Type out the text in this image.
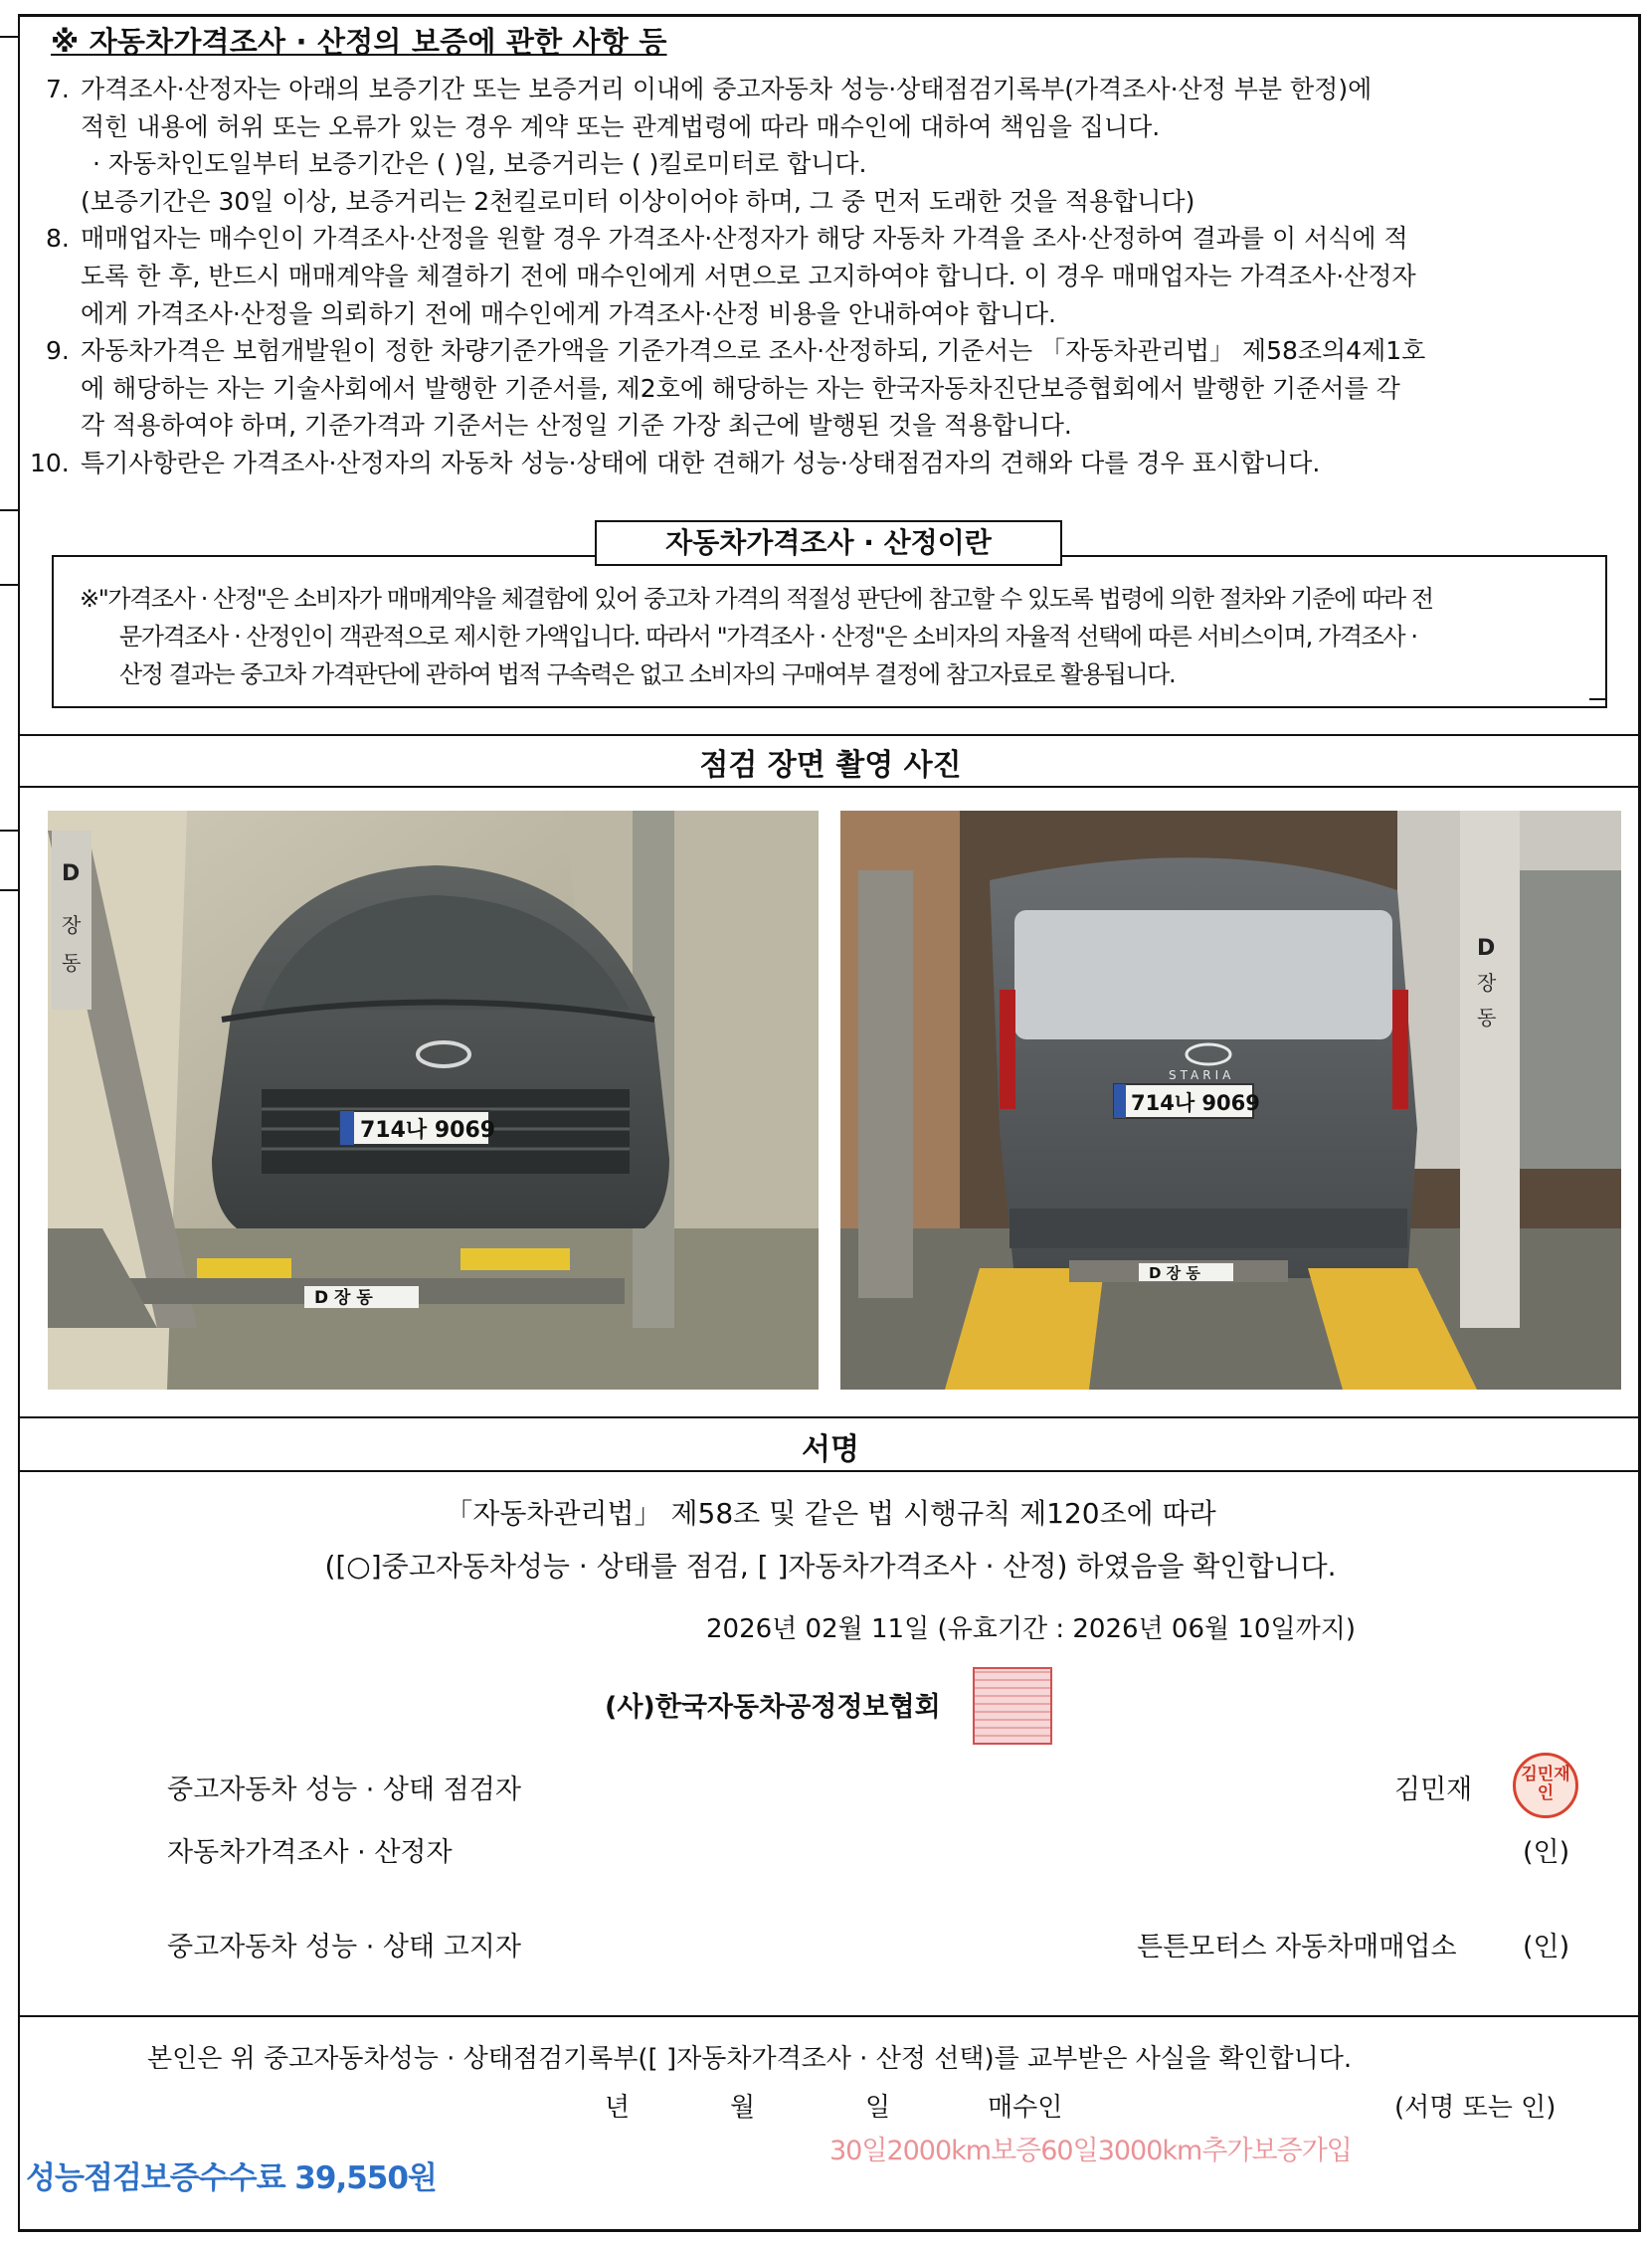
※ 자동차가격조사 · 산정의 보증에 관한 사항 등
7. 가격조사·산정자는 아래의 보증기간 또는 보증거리 이내에 중고자동차 성능·상태점검기록부(가격조사·산정 부분 한정)에
적힌 내용에 허위 또는 오류가 있는 경우 계약 또는 관계법령에 따라 매수인에 대하여 책임을 집니다.
· 자동차인도일부터 보증기간은 ( )일, 보증거리는 ( )킬로미터로 합니다.
(보증기간은 30일 이상, 보증거리는 2천킬로미터 이상이어야 하며, 그 중 먼저 도래한 것을 적용합니다)
8. 매매업자는 매수인이 가격조사·산정을 원할 경우 가격조사·산정자가 해당 자동차 가격을 조사·산정하여 결과를 이 서식에 적
도록 한 후, 반드시 매매계약을 체결하기 전에 매수인에게 서면으로 고지하여야 합니다. 이 경우 매매업자는 가격조사·산정자
에게 가격조사·산정을 의뢰하기 전에 매수인에게 가격조사·산정 비용을 안내하여야 합니다.
9. 자동차가격은 보험개발원이 정한 차량기준가액을 기준가격으로 조사·산정하되, 기준서는 「자동차관리법」 제58조의4제1호
에 해당하는 자는 기술사회에서 발행한 기준서를, 제2호에 해당하는 자는 한국자동차진단보증협회에서 발행한 기준서를 각
각 적용하여야 하며, 기준가격과 기준서는 산정일 기준 가장 최근에 발행된 것을 적용합니다.
10. 특기사항란은 가격조사·산정자의 자동차 성능·상태에 대한 견해가 성능·상태점검자의 견해와 다를 경우 표시합니다.
자동차가격조사 · 산정이란
※"가격조사 · 산정"은 소비자가 매매계약을 체결함에 있어 중고차 가격의 적절성 판단에 참고할 수 있도록 법령에 의한 절차와 기준에 따라 전
문가격조사 · 산정인이 객관적으로 제시한 가액입니다. 따라서 "가격조사 · 산정"은 소비자의 자율적 선택에 따른 서비스이며, 가격조사 ·
산정 결과는 중고차 가격판단에 관하여 법적 구속력은 없고 소비자의 구매여부 결정에 참고자료로 활용됩니다.
점검 장면 촬영 사진
D
장
동
714나 9069
D 장 동
D
장
동
STARIA
714나 9069
D 장 동
서명
「자동차관리법」 제58조 및 같은 법 시행규칙 제120조에 따라
([○]중고자동차성능 · 상태를 점검, [ ]자동차가격조사 · 산정) 하였음을 확인합니다.
2026년 02월 11일 (유효기간 : 2026년 06월 10일까지)
(사)한국자동차공정정보협회
중고자동차 성능 · 상태 점검자	김민재	김민재인
자동차가격조사 · 산정자	(인)
중고자동차 성능 · 상태 고지자	튼튼모터스 자동차매매업소 (인)
본인은 위 중고자동차성능 · 상태점검기록부([ ]자동차가격조사 · 산정 선택)를 교부받은 사실을 확인합니다.
년	월	일	매수인	(서명 또는 인)
30일2000km보증60일3000km추가보증가입
성능점검보증수수료 39,550원
